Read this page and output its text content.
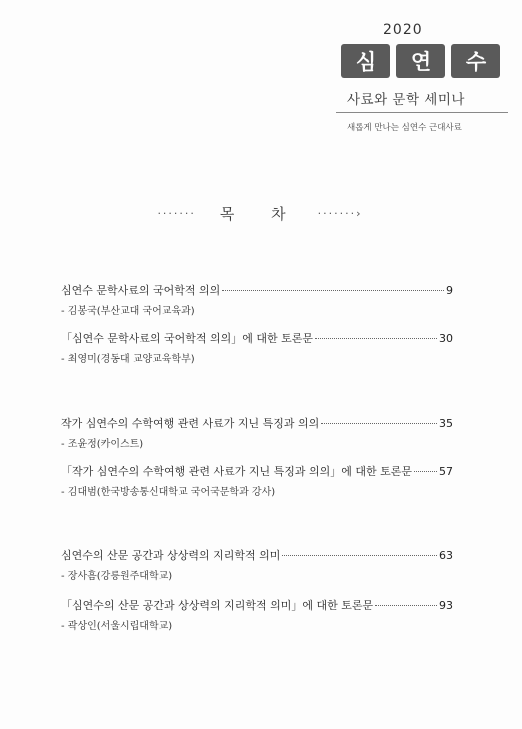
2020
심	연	수
사료와 문학 세미나
새롭게 만나는 심연수 근대사료
·······	목 차 ·······›
심연수 문학사료의 국어학적 의의	9
- 김봉국(부산교대 국어교육과)
「심연수 문학사료의 국어학적 의의」에 대한 토론문	30
- 최영미(경동대 교양교육학부)
작가 심연수의 수학여행 관련 사료가 지닌 특징과 의의	35
- 조윤정(카이스트)
「작가 심연수의 수학여행 관련 사료가 지닌 특징과 의의」에 대한 토론문 57
- 김대범(한국방송통신대학교 국어국문학과 강사)
심연수의 산문 공간과 상상력의 지리학적 의미	63
- 장사흠(강릉원주대학교)
「심연수의 산문 공간과 상상력의 지리학적 의미」에 대한 토론문	93
- 곽상인(서울시립대학교)
